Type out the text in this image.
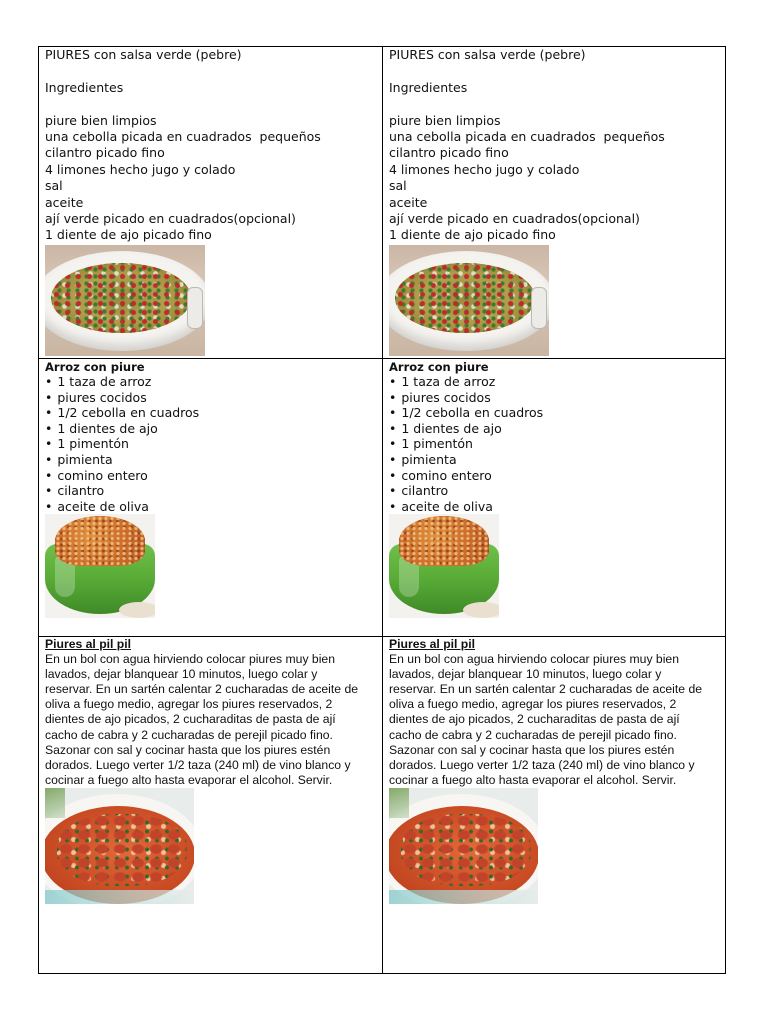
PIURES con salsa verde (pebre)
Ingredientes
piure bien limpios
una cebolla picada en cuadrados  pequeños
cilantro picado fino
4 limones hecho jugo y colado
sal
aceite
ají verde picado en cuadrados(opcional)
1 diente de ajo picado fino
PIURES con salsa verde (pebre)
Ingredientes
piure bien limpios
una cebolla picada en cuadrados  pequeños
cilantro picado fino
4 limones hecho jugo y colado
sal
aceite
ají verde picado en cuadrados(opcional)
1 diente de ajo picado fino
Arroz con piure
• 1 taza de arroz
• piures cocidos
• 1/2 cebolla en cuadros
• 1 dientes de ajo
• 1 pimentón
• pimienta
• comino entero
• cilantro
• aceite de oliva
Arroz con piure
• 1 taza de arroz
• piures cocidos
• 1/2 cebolla en cuadros
• 1 dientes de ajo
• 1 pimentón
• pimienta
• comino entero
• cilantro
• aceite de oliva
Piures al pil pil
En un bol con agua hirviendo colocar piures muy bien
lavados, dejar blanquear 10 minutos, luego colar y
reservar. En un sartén calentar 2 cucharadas de aceite de
oliva a fuego medio, agregar los piures reservados, 2
dientes de ajo picados, 2 cucharaditas de pasta de ají
cacho de cabra y 2 cucharadas de perejil picado fino.
Sazonar con sal y cocinar hasta que los piures estén
dorados. Luego verter 1/2 taza (240 ml) de vino blanco y
cocinar a fuego alto hasta evaporar el alcohol. Servir.
Piures al pil pil
En un bol con agua hirviendo colocar piures muy bien
lavados, dejar blanquear 10 minutos, luego colar y
reservar. En un sartén calentar 2 cucharadas de aceite de
oliva a fuego medio, agregar los piures reservados, 2
dientes de ajo picados, 2 cucharaditas de pasta de ají
cacho de cabra y 2 cucharadas de perejil picado fino.
Sazonar con sal y cocinar hasta que los piures estén
dorados. Luego verter 1/2 taza (240 ml) de vino blanco y
cocinar a fuego alto hasta evaporar el alcohol. Servir.
